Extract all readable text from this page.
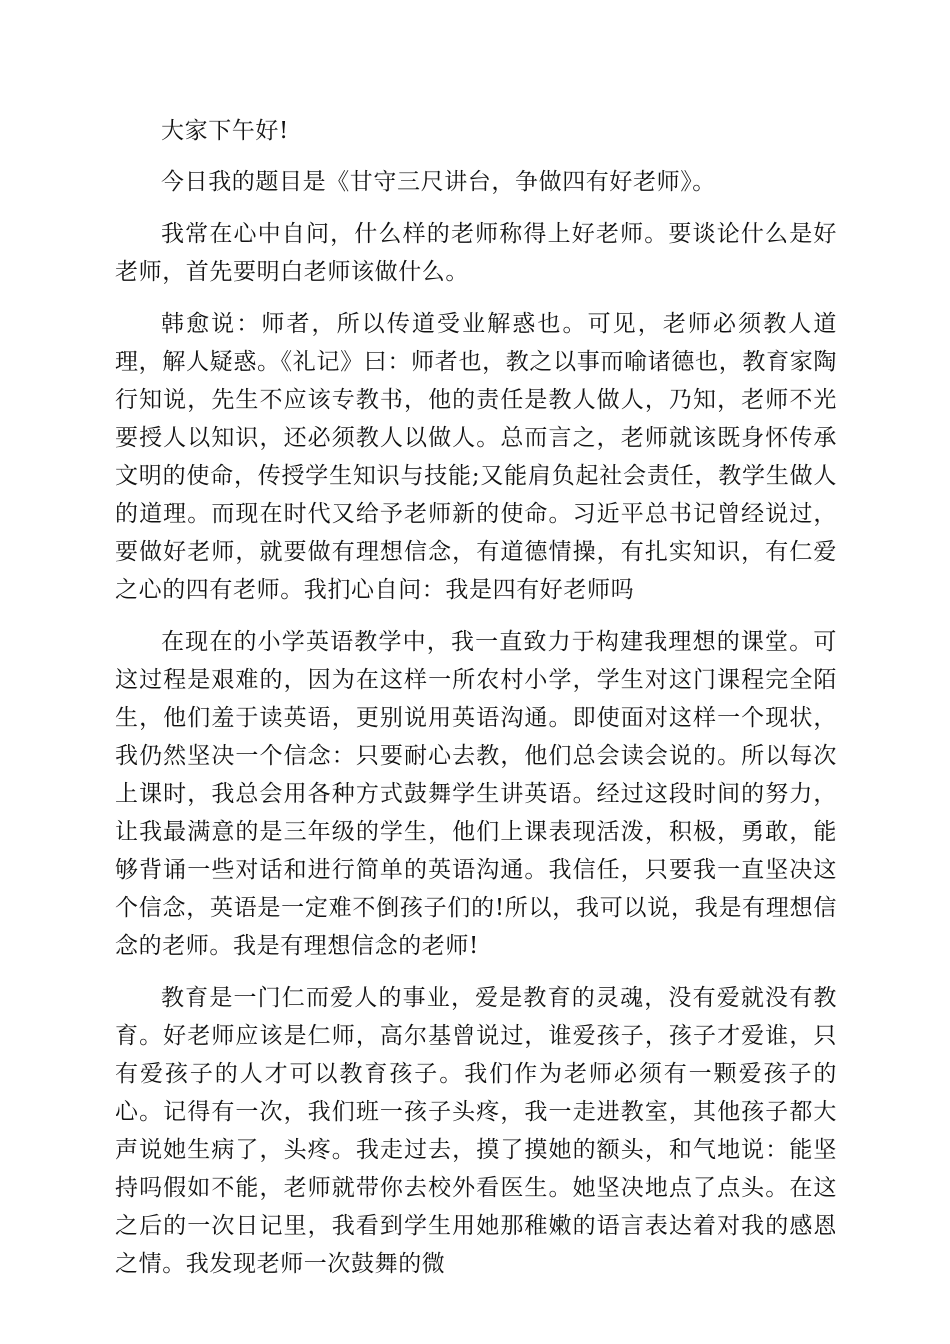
大家下午好!

今日我的题目是《甘守三尺讲台，争做四有好老师》。

我常在心中自问，什么样的老师称得上好老师。要谈论什么是好老师，首先要明白老师该做什么。

韩愈说：师者，所以传道受业解惑也。可见，老师必须教人道理，解人疑惑。《礼记》曰：师者也，教之以事而喻诸德也，教育家陶行知说，先生不应该专教书，他的责任是教人做人，乃知，老师不光要授人以知识，还必须教人以做人。总而言之，老师就该既身怀传承文明的使命，传授学生知识与技能;又能肩负起社会责任，教学生做人的道理。而现在时代又给予老师新的使命。习近平总书记曾经说过，要做好老师，就要做有理想信念，有道德情操，有扎实知识，有仁爱之心的四有老师。我扪心自问：我是四有好老师吗

在现在的小学英语教学中，我一直致力于构建我理想的课堂。可这过程是艰难的，因为在这样一所农村小学，学生对这门课程完全陌生，他们羞于读英语，更别说用英语沟通。即使面对这样一个现状，我仍然坚决一个信念：只要耐心去教，他们总会读会说的。所以每次上课时，我总会用各种方式鼓舞学生讲英语。经过这段时间的努力，让我最满意的是三年级的学生，他们上课表现活泼，积极，勇敢，能够背诵一些对话和进行简单的英语沟通。我信任，只要我一直坚决这个信念，英语是一定难不倒孩子们的!所以，我可以说，我是有理想信念的老师。我是有理想信念的老师!

教育是一门仁而爱人的事业，爱是教育的灵魂，没有爱就没有教育。好老师应该是仁师，高尔基曾说过，谁爱孩子，孩子才爱谁，只有爱孩子的人才可以教育孩子。我们作为老师必须有一颗爱孩子的心。记得有一次，我们班一孩子头疼，我一走进教室，其他孩子都大声说她生病了，头疼。我走过去，摸了摸她的额头，和气地说：能坚持吗假如不能，老师就带你去校外看医生。她坚决地点了点头。在这之后的一次日记里，我看到学生用她那稚嫩的语言表达着对我的感恩之情。我发现老师一次鼓舞的微
